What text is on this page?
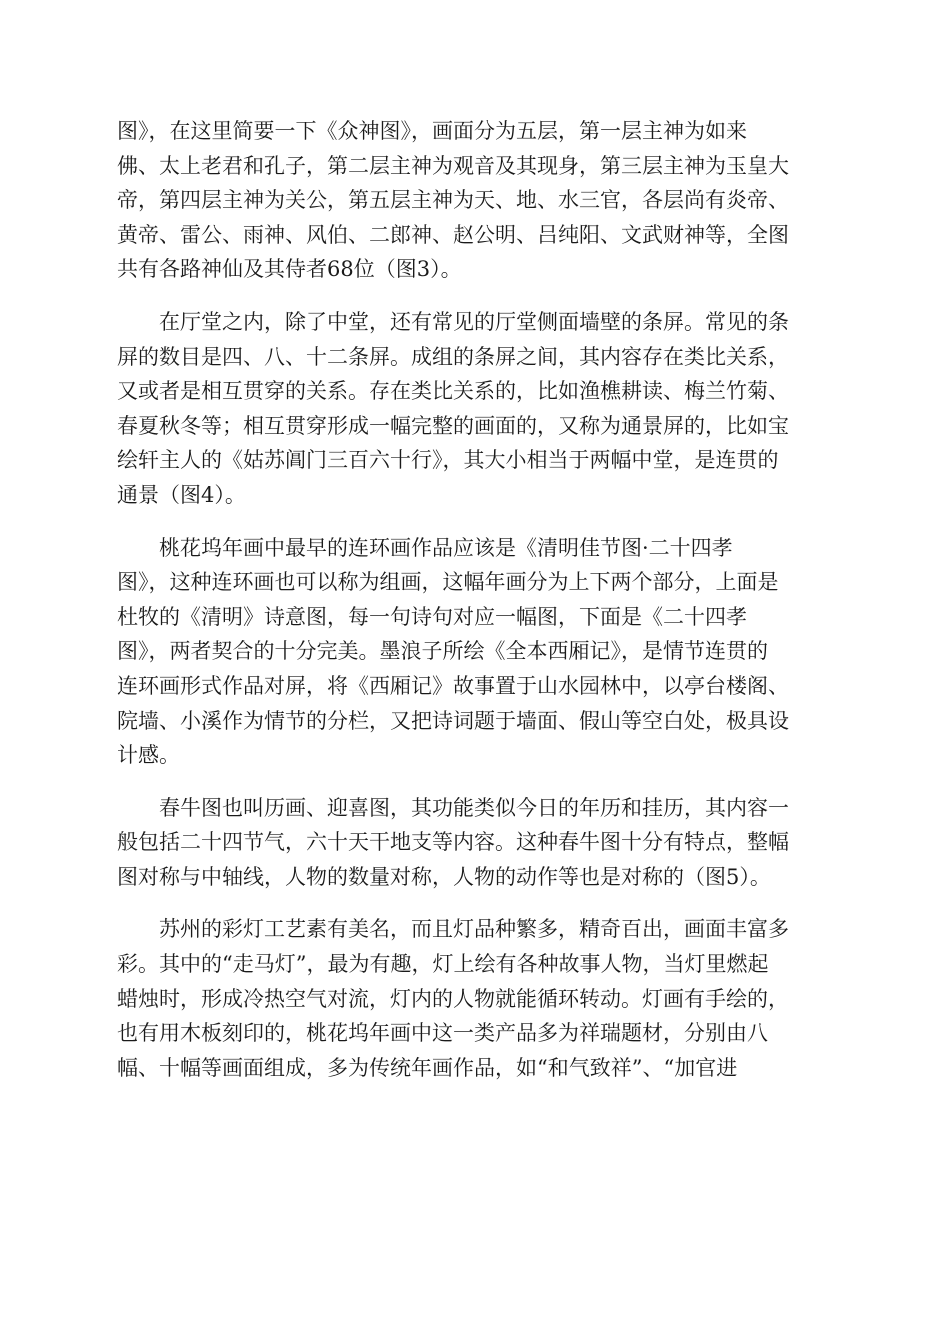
图》，在这里简要一下《众神图》，画面分为五层，第一层主神为如来
佛、太上老君和孔子，第二层主神为观音及其现身，第三层主神为玉皇大
帝，第四层主神为关公，第五层主神为天、地、水三官，各层尚有炎帝、
黄帝、雷公、雨神、风伯、二郎神、赵公明、吕纯阳、文武财神等，全图
共有各路神仙及其侍者68位（图3）。
在厅堂之内，除了中堂，还有常见的厅堂侧面墙壁的条屏。常见的条
屏的数目是四、八、十二条屏。成组的条屏之间，其内容存在类比关系，
又或者是相互贯穿的关系。存在类比关系的，比如渔樵耕读、梅兰竹菊、
春夏秋冬等；相互贯穿形成一幅完整的画面的，又称为通景屏的，比如宝
绘轩主人的《姑苏阊门三百六十行》，其大小相当于两幅中堂，是连贯的
通景（图4）。
桃花坞年画中最早的连环画作品应该是《清明佳节图·二十四孝
图》，这种连环画也可以称为组画，这幅年画分为上下两个部分，上面是
杜牧的《清明》诗意图，每一句诗句对应一幅图，下面是《二十四孝
图》，两者契合的十分完美。墨浪子所绘《全本西厢记》，是情节连贯的
连环画形式作品对屏，将《西厢记》故事置于山水园林中，以亭台楼阁、
院墙、小溪作为情节的分栏，又把诗词题于墙面、假山等空白处，极具设
计感。
春牛图也叫历画、迎喜图，其功能类似今日的年历和挂历，其内容一
般包括二十四节气，六十天干地支等内容。这种春牛图十分有特点，整幅
图对称与中轴线，人物的数量对称，人物的动作等也是对称的（图5）。
苏州的彩灯工艺素有美名，而且灯品种繁多，精奇百出，画面丰富多
彩。其中的“走马灯”，最为有趣，灯上绘有各种故事人物，当灯里燃起
蜡烛时，形成冷热空气对流，灯内的人物就能循环转动。灯画有手绘的，
也有用木板刻印的，桃花坞年画中这一类产品多为祥瑞题材，分别由八
幅、十幅等画面组成，多为传统年画作品，如“和气致祥”、“加官进
